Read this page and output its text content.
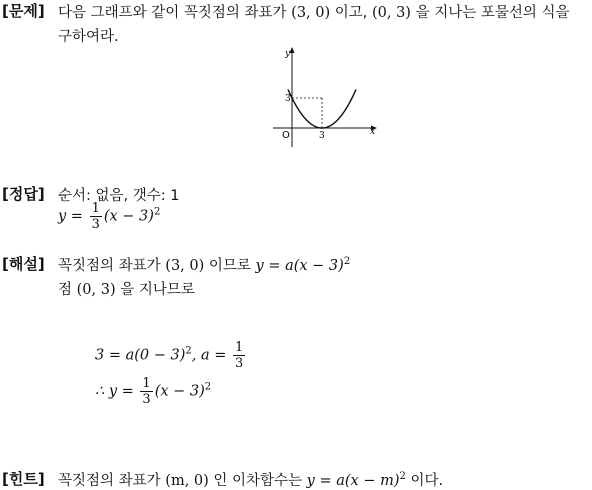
[문제] 다음 그래프와 같이 꼭짓점의 좌표가 (3, 0) 이고, (0, 3) 을 지나는 포물선의 식을
구하여라.
y
x
O	3
3
[정답] 순서: 없음, 갯수: 1
$y = \frac{1}{3} (x - 3)^2$
[해설] 꼭짓점의 좌표가 (3, 0) 이므로 $y = a(x - 3)^2$
점 (0, 3) 을 지나므로
$3 = a(0 - 3)^2$, $a = \frac{1}{3}$
∴ $y = \frac{1}{3} (x - 3)^2$
[힌트] 꼭짓점의 좌표가 (m, 0) 인 이차함수는 $y = a(x - m)^2$ 이다.
